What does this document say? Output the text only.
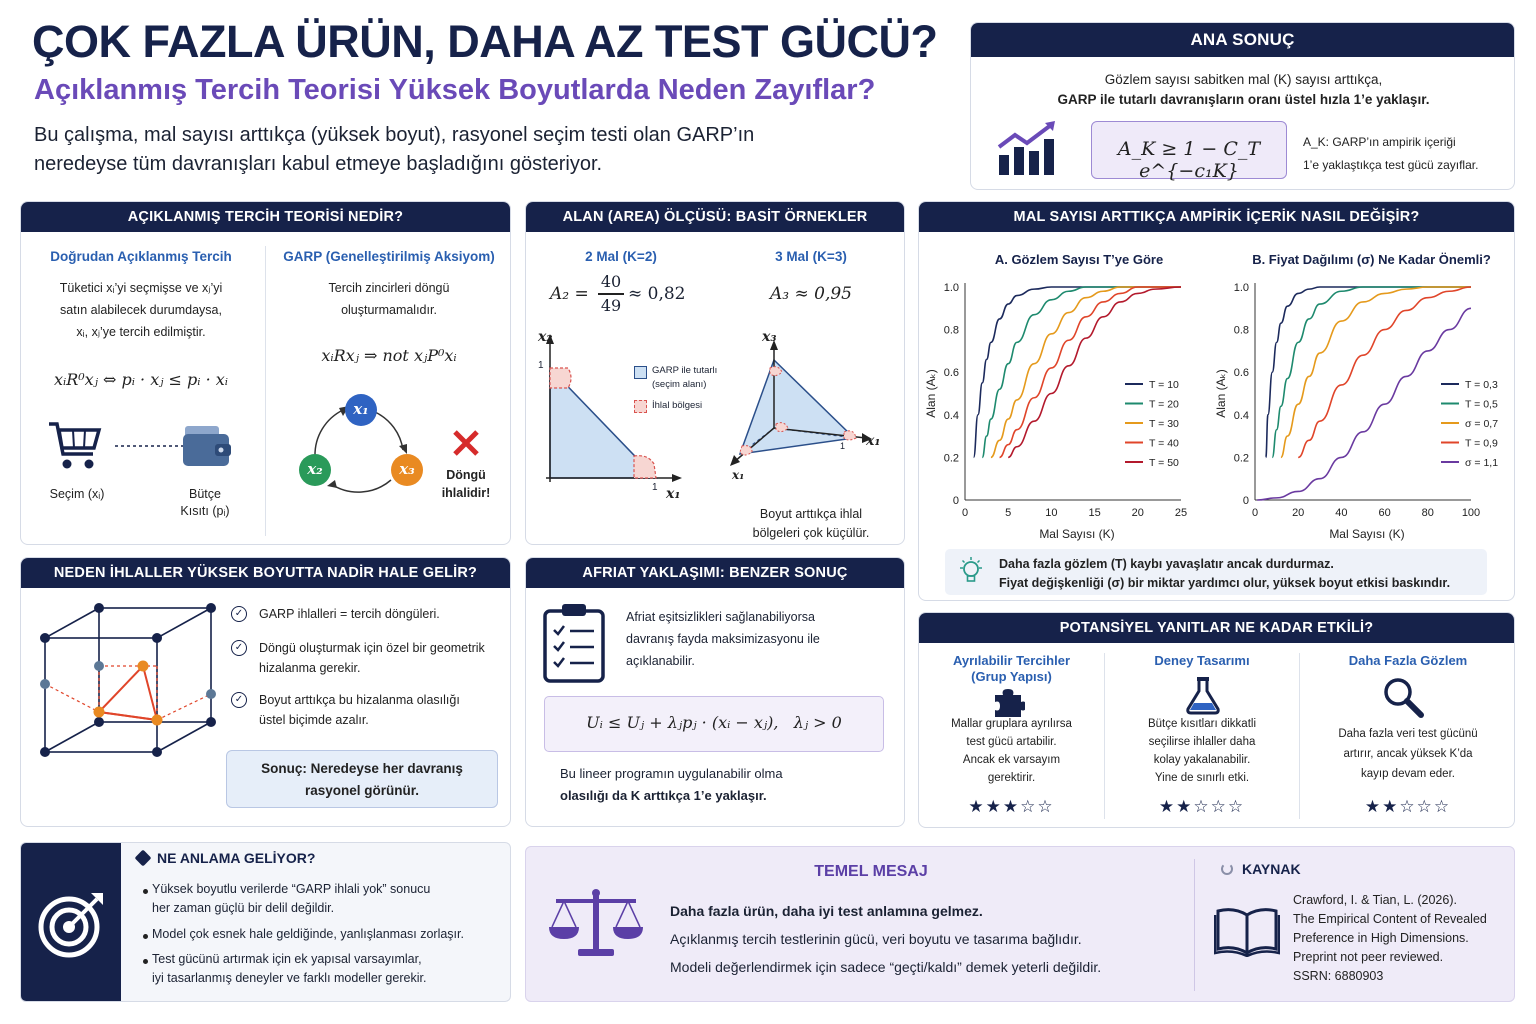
ÇOK FAZLA ÜRÜN, DAHA AZ TEST GÜCÜ?
Açıklanmış Tercih Teorisi Yüksek Boyutlarda Neden Zayıflar?
Bu çalışma, mal sayısı arttıkça (yüksek boyut), rasyonel seçim testi olan GARP’ın
neredeyse tüm davranışları kabul etmeye başladığını gösteriyor.
ANA SONUÇ
Gözlem sayısı sabitken mal (K) sayısı arttıkça,
GARP ile tutarlı davranışların oranı üstel hızla 1’e yaklaşır.
A_K ≥ 1 − C_T e^{−c₁K}
A_K: GARP’ın ampirik içeriği
1’e yaklaştıkça test gücü zayıflar.
AÇIKLANMIŞ TERCİH TEORİSİ NEDİR?
Doğrudan Açıklanmış Tercih
Tüketici xᵢ’yi seçmişse ve xⱼ’yi
satın alabilecek durumdaysa,
xᵢ, xⱼ’ye tercih edilmiştir.
xᵢR⁰xⱼ ⇔ pᵢ · xⱼ ≤ pᵢ · xᵢ
Seçim (xᵢ)	Bütçe
Kısıtı (pᵢ)
GARP (Genelleştirilmiş Aksiyom)
Tercih zincirleri döngü
oluşturmamalıdır.
xᵢRxⱼ ⇒ not xⱼP⁰xᵢ
x₁
x₂	x₃	Döngü
ihlalidir!
ALAN (AREA) ÖLÇÜSÜ: BASİT ÖRNEKLER
2 Mal (K=2)	3 Mal (K=3)
A₂ =
40
49
≈ 0,82	A₃ ≈ 0,95
x₂
1
1 x₁
GARP ile tutarlı
(seçim alanı)
İhlal bölgesi
x₃
x₁
x₁
1
Boyut arttıkça ihlal
bölgeleri çok küçülür.
MAL SAYISI ARTTIKÇA AMPİRİK İÇERİK NASIL DEĞİŞİR?
A. Gözlem Sayısı T’ye Göre
0	5	10	15	20	25
0
0.2
0.4
0.6
0.8
1.0
Mal Sayısı (K)
Alan (Aₖ)	T = 10
T = 20
T = 30
T = 40
T = 50
B. Fiyat Dağılımı (σ) Ne Kadar Önemli?
0	20	40	60	80	100
0
0.2
0.4
0.6
0.8
1.0
Mal Sayısı (K)
Alan (Aₖ)	T = 0,3
T = 0,5
σ = 0,7
T = 0,9
σ = 1,1
Daha fazla gözlem (T) kaybı yavaşlatır ancak durdurmaz.
Fiyat değişkenliği (σ) bir miktar yardımcı olur, yüksek boyut etkisi baskındır.
NEDEN İHLALLER YÜKSEK BOYUTTA NADİR HALE GELİR?
✓	GARP ihlalleri = tercih döngüleri.
✓	Döngü oluşturmak için özel bir geometrik
hizalanma gerekir.
✓	Boyut arttıkça bu hizalanma olasılığı
üstel biçimde azalır.
Sonuç: Neredeyse her davranış
rasyonel görünür.
AFRIAT YAKLAŞIMI: BENZER SONUÇ
Afriat eşitsizlikleri sağlanabiliyorsa
davranış fayda maksimizasyonu ile
açıklanabilir.
Uᵢ ≤ Uⱼ + λⱼpⱼ · (xᵢ − xⱼ),   λⱼ > 0
Bu lineer programın uygulanabilir olma
olasılığı da K arttıkça 1’e yaklaşır.
POTANSİYEL YANITLAR NE KADAR ETKİLİ?
Ayrılabilir Tercihler
(Grup Yapısı)
Mallar gruplara ayrılırsa
test gücü artabilir.
Ancak ek varsayım
gerektirir.
★★★☆☆
Deney Tasarımı
Bütçe kısıtları dikkatli
seçilirse ihlaller daha
kolay yakalanabilir.
Yine de sınırlı etki.
★★☆☆☆
Daha Fazla Gözlem
Daha fazla veri test gücünü
artırır, ancak yüksek K’da
kayıp devam eder.
★★☆☆☆
NE ANLAMA GELİYOR?
Yüksek boyutlu verilerde “GARP ihlali yok” sonucu
her zaman güçlü bir delil değildir.
Model çok esnek hale geldiğinde, yanlışlanması zorlaşır.
Test gücünü artırmak için ek yapısal varsayımlar,
iyi tasarlanmış deneyler ve farklı modeller gerekir.
TEMEL MESAJ
Daha fazla ürün, daha iyi test anlamına gelmez.
Açıklanmış tercih testlerinin gücü, veri boyutu ve tasarıma bağlıdır.
Modeli değerlendirmek için sadece “geçti/kaldı” demek yeterli değildir.
KAYNAK
Crawford, I. & Tian, L. (2026).
The Empirical Content of Revealed
Preference in High Dimensions.
Preprint not peer reviewed.
SSRN: 6880903
